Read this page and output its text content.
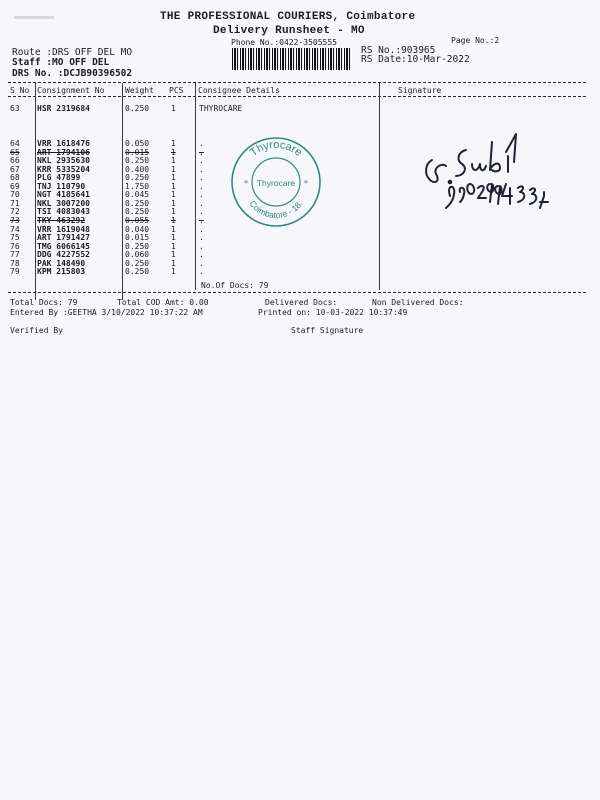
THE PROFESSIONAL COURIERS, Coimbatore
Delivery Runsheet - MO
Phone No.:0422-3505555	Page No.:2
Route :DRS OFF DEL MO
Staff :MO OFF DEL
DRS No. :DCJB90396502
RS No.:903965
RS Date:10-Mar-2022
S No Consignment No	Weight PCS Consignee Details	Signature
63 HSR 2319684	0.250	1	THYROCARE
64 VRR 1618476	0.050	1	.
65 ART 1794106	0.015	1	.
66 NKL 2935630	0.250	1	.
67 KRR 5335204	0.400	1	.
68 PLG 47899	0.250	1	.
69 TNJ 110790	1.750	1	.
70 NGT 4185641	0.045	1	.
71 NKL 3007200	0.250	1	.
72 TSI 4083043	0.250	1	.
73 TKY 463292	0.055	1	.
74 VRR 1619048	0.040	1	.
75 ART 1791427	0.015	1	.
76 TMG 6066145	0.250	1	.
77 DDG 4227552	0.060	1	.
78 PAK 148490	0.250	1	.
79 KPM 215803	0.250	1	.
No.Of Docs: 79
Total Docs: 79	Total COD Amt: 0.00	Delivered Docs:	Non Delivered Docs:
Entered By :GEETHA 3/10/2022 10:37:22 AM	Printed on: 10-03-2022 10:37:49
Verified By	Staff Signature
Thyrocare
Thyrocare
Coimbatore - 18.
*	*
